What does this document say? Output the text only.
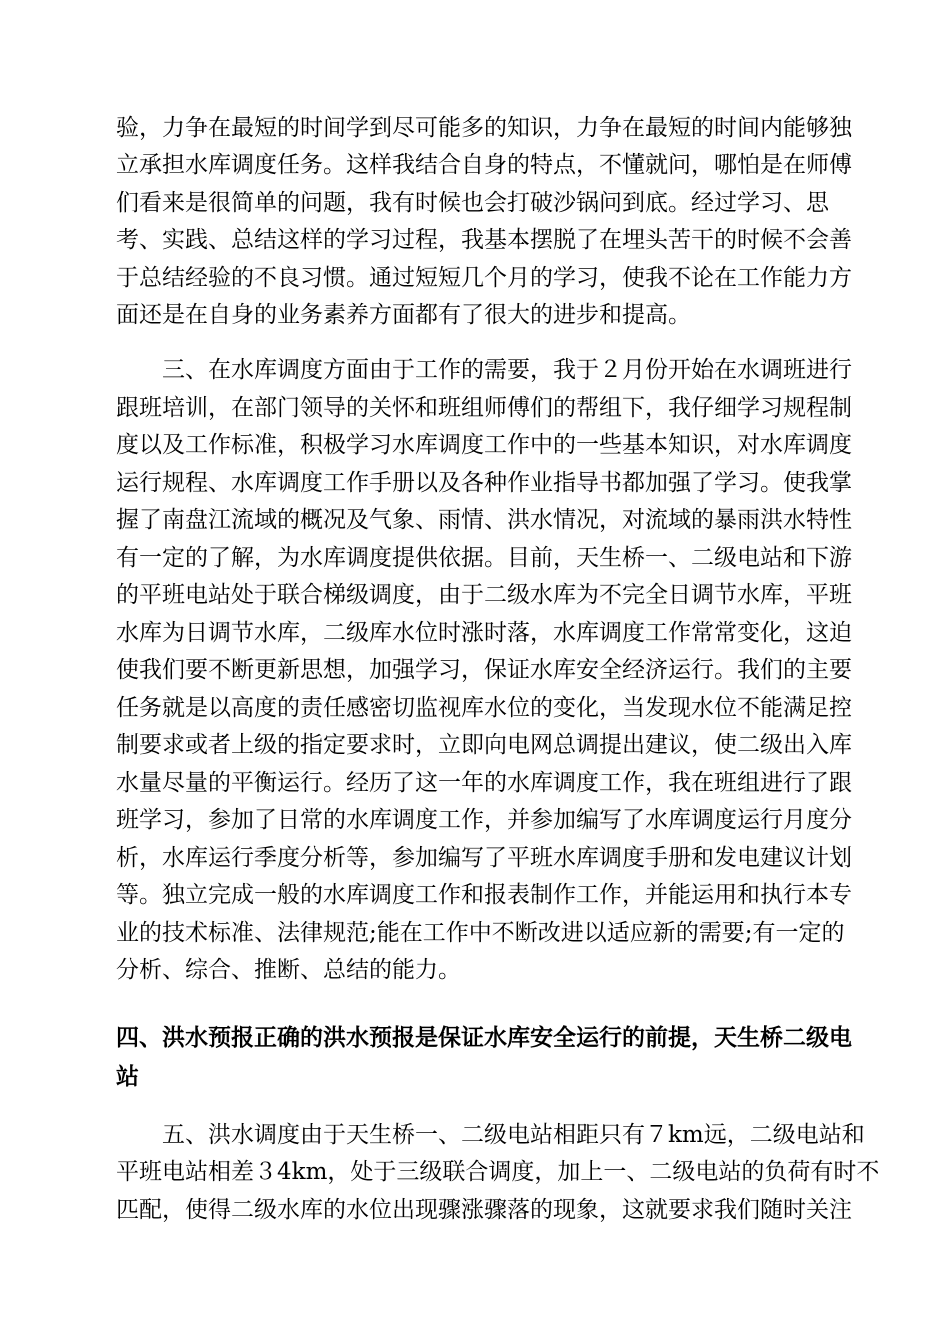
验，力争在最短的时间学到尽可能多的知识，力争在最短的时间内能够独
立承担水库调度任务。这样我结合自身的特点，不懂就问，哪怕是在师傅
们看来是很简单的问题，我有时候也会打破沙锅问到底。经过学习、思
考、实践、总结这样的学习过程，我基本摆脱了在埋头苦干的时候不会善
于总结经验的不良习惯。通过短短几个月的学习，使我不论在工作能力方
面还是在自身的业务素养方面都有了很大的进步和提高。
三、在水库调度方面由于工作的需要，我于２月份开始在水调班进行
跟班培训，在部门领导的关怀和班组师傅们的帮组下，我仔细学习规程制
度以及工作标准，积极学习水库调度工作中的一些基本知识，对水库调度
运行规程、水库调度工作手册以及各种作业指导书都加强了学习。使我掌
握了南盘江流域的概况及气象、雨情、洪水情况，对流域的暴雨洪水特性
有一定的了解，为水库调度提供依据。目前，天生桥一、二级电站和下游
的平班电站处于联合梯级调度，由于二级水库为不完全日调节水库，平班
水库为日调节水库，二级库水位时涨时落，水库调度工作常常变化，这迫
使我们要不断更新思想，加强学习，保证水库安全经济运行。我们的主要
任务就是以高度的责任感密切监视库水位的变化，当发现水位不能满足控
制要求或者上级的指定要求时，立即向电网总调提出建议，使二级出入库
水量尽量的平衡运行。经历了这一年的水库调度工作，我在班组进行了跟
班学习，参加了日常的水库调度工作，并参加编写了水库调度运行月度分
析，水库运行季度分析等，参加编写了平班水库调度手册和发电建议计划
等。独立完成一般的水库调度工作和报表制作工作，并能运用和执行本专
业的技术标准、法律规范;能在工作中不断改进以适应新的需要;有一定的
分析、综合、推断、总结的能力。
四、洪水预报正确的洪水预报是保证水库安全运行的前提，天生桥二级电
站
五、洪水调度由于天生桥一、二级电站相距只有７km远，二级电站和
平班电站相差３4km，处于三级联合调度，加上一、二级电站的负荷有时不
匹配，使得二级水库的水位出现骤涨骤落的现象，这就要求我们随时关注
